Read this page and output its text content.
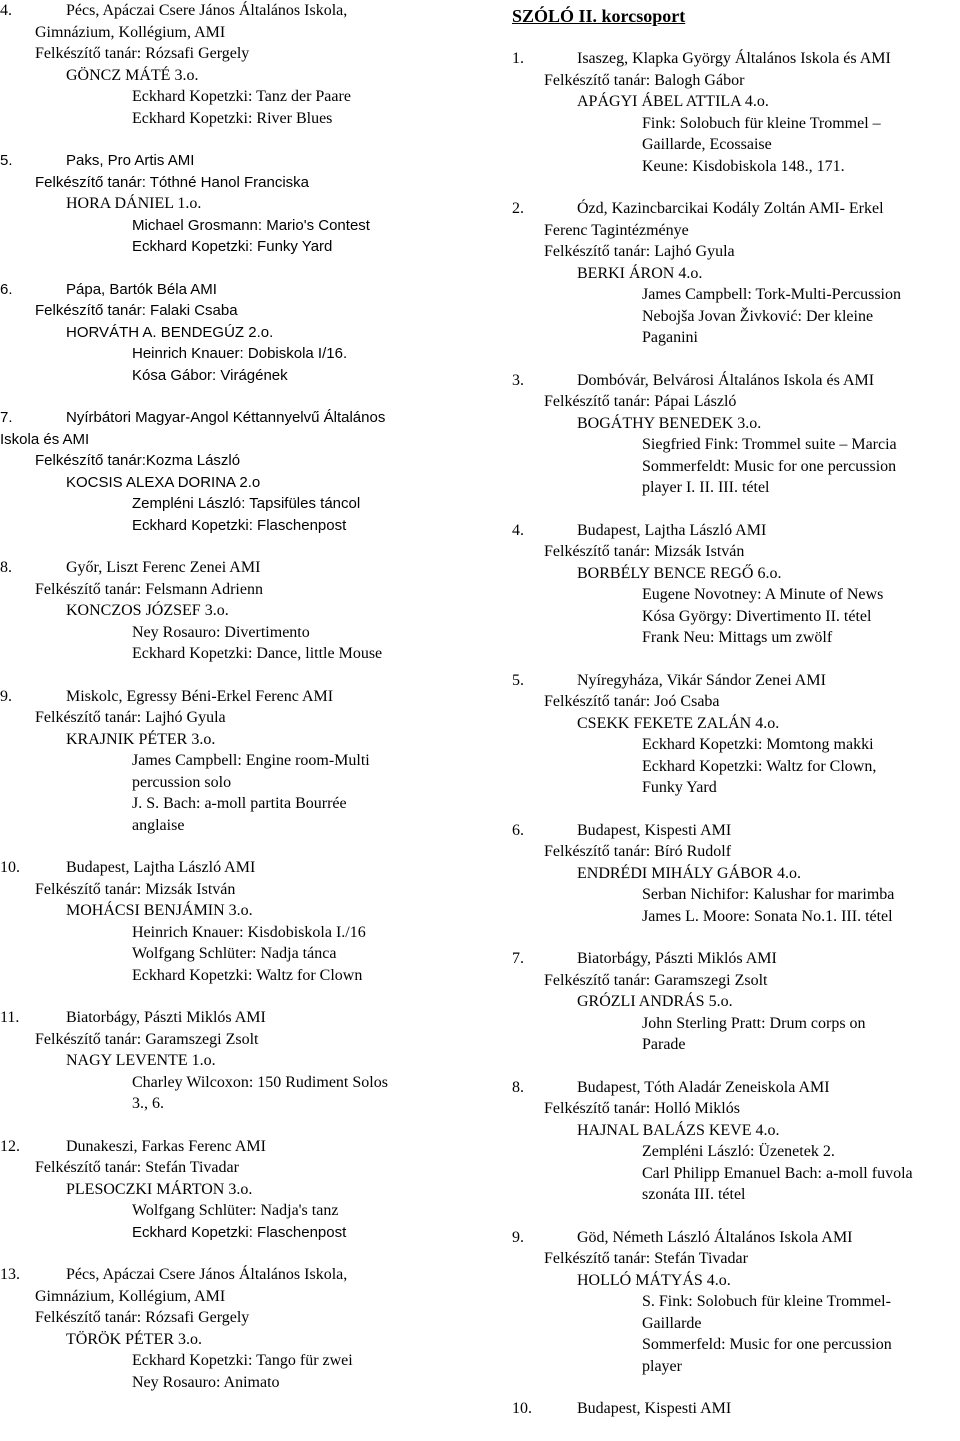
4.	Pécs, Apáczai Csere János Általános Iskola,
Gimnázium, Kollégium, AMI
Felkészítő tanár: Rózsafi Gergely
GÖNCZ MÁTÉ 3.o.
Eckhard Kopetzki: Tanz der Paare
Eckhard Kopetzki: River Blues
5.	Paks, Pro Artis AMI
Felkészítő tanár: Tóthné Hanol Franciska
HORA DÁNIEL 1.o.
Michael Grosmann: Mario's Contest
Eckhard Kopetzki: Funky Yard
6.	Pápa, Bartók Béla AMI
Felkészítő tanár: Falaki Csaba
HORVÁTH A. BENDEGÚZ 2.o.
Heinrich Knauer: Dobiskola I/16.
Kósa Gábor: Virágének
7.	Nyírbátori Magyar-Angol Kéttannyelvű Általános
Iskola és AMI
Felkészítő tanár:Kozma László
KOCSIS ALEXA DORINA 2.o
Zempléni László: Tapsifüles táncol
Eckhard Kopetzki: Flaschenpost
8.	Győr, Liszt Ferenc Zenei AMI
Felkészítő tanár: Felsmann Adrienn
KONCZOS JÓZSEF 3.o.
Ney Rosauro: Divertimento
Eckhard Kopetzki: Dance, little Mouse
9.	Miskolc, Egressy Béni-Erkel Ferenc AMI
Felkészítő tanár: Lajhó Gyula
KRAJNIK PÉTER 3.o.
James Campbell: Engine room-Multi
percussion solo
J. S. Bach: a-moll partita Bourrée
anglaise
10.	Budapest, Lajtha László AMI
Felkészítő tanár: Mizsák István
MOHÁCSI BENJÁMIN 3.o.
Heinrich Knauer: Kisdobiskola I./16
Wolfgang Schlüter: Nadja tánca
Eckhard Kopetzki: Waltz for Clown
11.	Biatorbágy, Pászti Miklós AMI
Felkészítő tanár: Garamszegi Zsolt
NAGY LEVENTE 1.o.
Charley Wilcoxon: 150 Rudiment Solos
3., 6.
12.	Dunakeszi, Farkas Ferenc AMI
Felkészítő tanár: Stefán Tivadar
PLESOCZKI MÁRTON 3.o.
Wolfgang Schlüter: Nadja's tanz
Eckhard Kopetzki: Flaschenpost
13.	Pécs, Apáczai Csere János Általános Iskola,
Gimnázium, Kollégium, AMI
Felkészítő tanár: Rózsafi Gergely
TÖRÖK PÉTER 3.o.
Eckhard Kopetzki: Tango für zwei
Ney Rosauro: Animato
SZÓLÓ II. korcsoport
1.	Isaszeg, Klapka György Általános Iskola és AMI
Felkészítő tanár: Balogh Gábor
APÁGYI ÁBEL ATTILA 4.o.
Fink: Solobuch für kleine Trommel –
Gaillarde, Ecossaise
Keune: Kisdobiskola 148., 171.
2.	Ózd, Kazincbarcikai Kodály Zoltán AMI- Erkel
Ferenc Tagintézménye
Felkészítő tanár: Lajhó Gyula
BERKI ÁRON 4.o.
James Campbell: Tork-Multi-Percussion
Nebojša Jovan Živković: Der kleine
Paganini
3.	Dombóvár, Belvárosi Általános Iskola és AMI
Felkészítő tanár: Pápai László
BOGÁTHY BENEDEK 3.o.
Siegfried Fink: Trommel suite – Marcia
Sommerfeldt: Music for one percussion
player I. II. III. tétel
4.	Budapest, Lajtha László AMI
Felkészítő tanár: Mizsák István
BORBÉLY BENCE REGŐ 6.o.
Eugene Novotney: A Minute of News
Kósa György: Divertimento II. tétel
Frank Neu: Mittags um zwölf
5.	Nyíregyháza, Vikár Sándor Zenei AMI
Felkészítő tanár: Joó Csaba
CSEKK FEKETE ZALÁN 4.o.
Eckhard Kopetzki: Momtong makki
Eckhard Kopetzki: Waltz for Clown,
Funky Yard
6.	Budapest, Kispesti AMI
Felkészítő tanár: Bíró Rudolf
ENDRÉDI MIHÁLY GÁBOR 4.o.
Serban Nichifor: Kalushar for marimba
James L. Moore: Sonata No.1. III. tétel
7.	Biatorbágy, Pászti Miklós AMI
Felkészítő tanár: Garamszegi Zsolt
GRÓZLI ANDRÁS 5.o.
John Sterling Pratt: Drum corps on
Parade
8.	Budapest, Tóth Aladár Zeneiskola AMI
Felkészítő tanár: Holló Miklós
HAJNAL BALÁZS KEVE 4.o.
Zempléni László: Üzenetek 2.
Carl Philipp Emanuel Bach: a-moll fuvola
szonáta III. tétel
9.	Göd, Németh László Általános Iskola AMI
Felkészítő tanár: Stefán Tivadar
HOLLÓ MÁTYÁS 4.o.
S. Fink: Solobuch für kleine Trommel-
Gaillarde
Sommerfeld: Music for one percussion
player
10.	Budapest, Kispesti AMI
